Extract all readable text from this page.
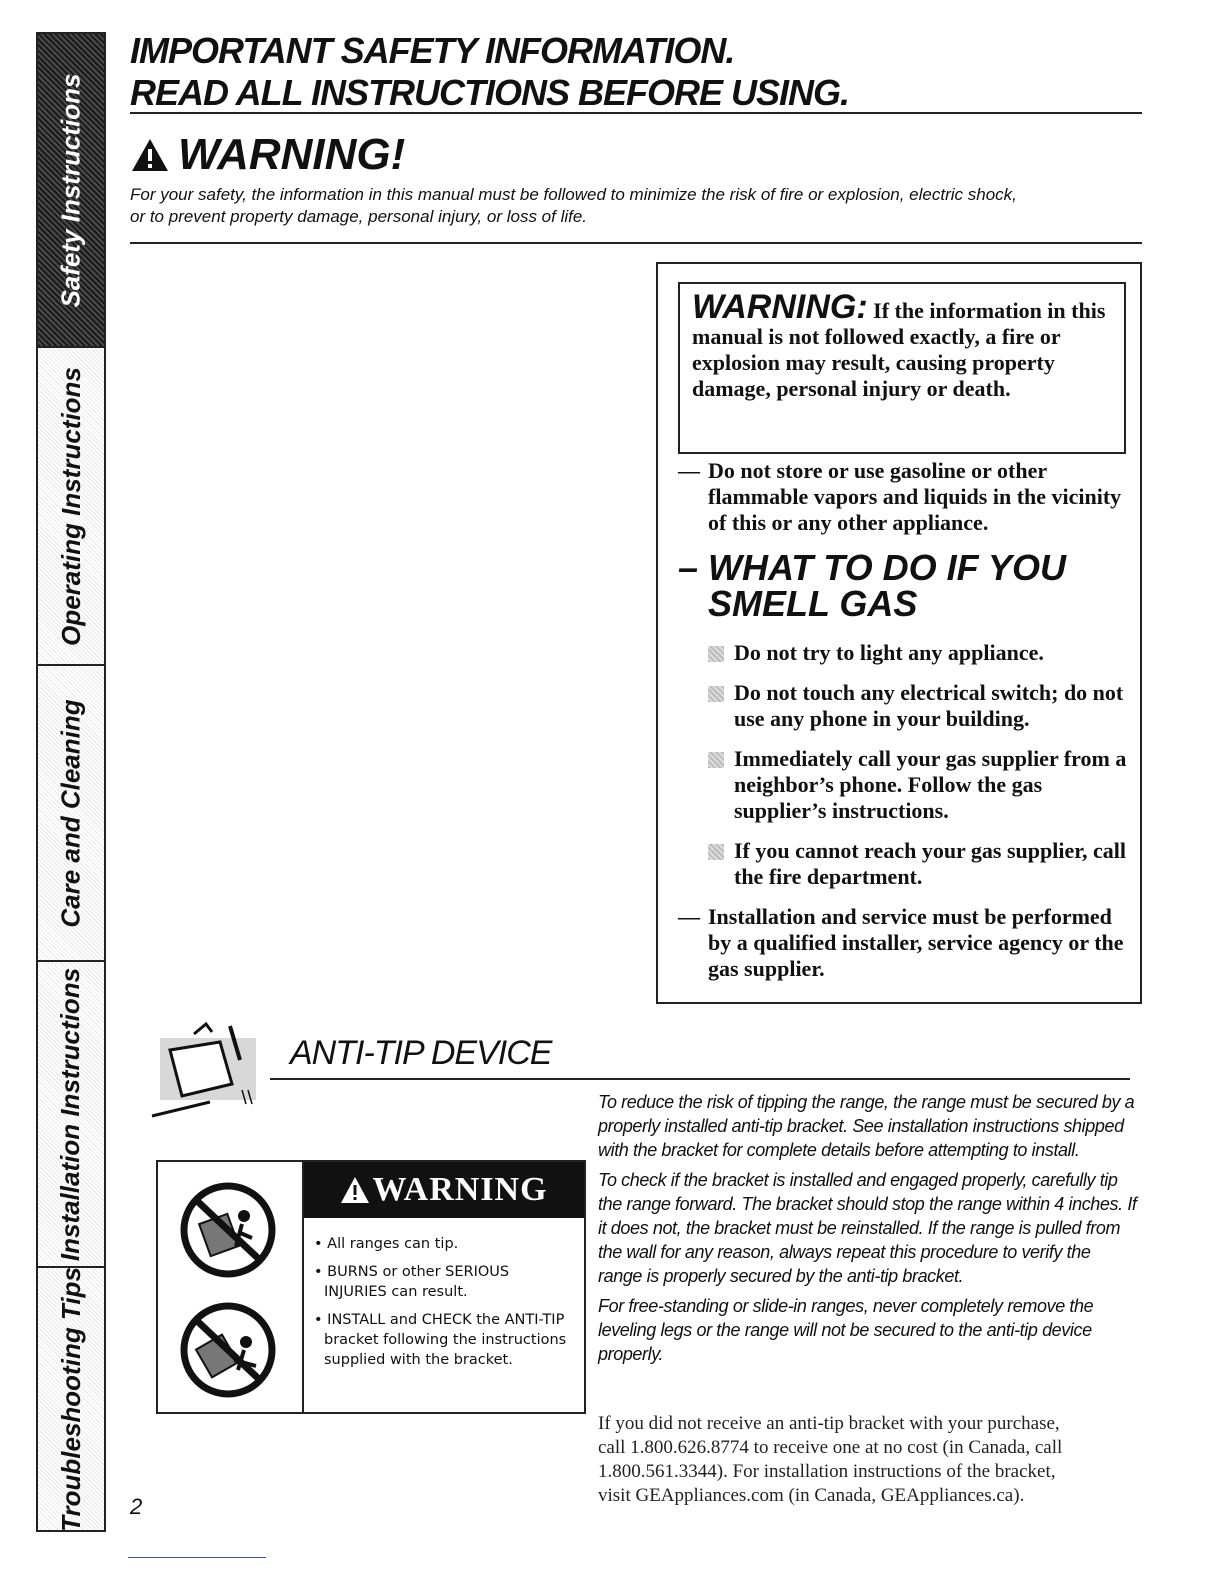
Safety Instructions
Operating Instructions
Care and Cleaning
Installation Instructions
Troubleshooting Tips
IMPORTANT SAFETY INFORMATION.
READ ALL INSTRUCTIONS BEFORE USING.
WARNING!
For your safety, the information in this manual must be followed to minimize the risk of fire or explosion, electric shock, or to prevent property damage, personal injury, or loss of life.
WARNING: If the information in this manual is not followed exactly, a fire or explosion may result, causing property damage, personal injury or death.
— Do not store or use gasoline or other flammable vapors and liquids in the vicinity of this or any other appliance.
– WHAT TO DO IF YOU SMELL GAS
Do not try to light any appliance.
Do not touch any electrical switch; do not use any phone in your building.
Immediately call your gas supplier from a neighbor’s phone. Follow the gas supplier’s instructions.
If you cannot reach your gas supplier, call the fire department.
— Installation and service must be performed by a qualified installer, service agency or the gas supplier.
ANTI-TIP DEVICE
WARNING
• All ranges can tip.
• BURNS or other SERIOUS INJURIES can result.
• INSTALL and CHECK the ANTI-TIP bracket following the instructions supplied with the bracket.

To reduce the risk of tipping the range, the range must be secured by a properly installed anti-tip bracket. See installation instructions shipped with the bracket for complete details before attempting to install.

To check if the bracket is installed and engaged properly, carefully tip the range forward. The bracket should stop the range within 4 inches. If it does not, the bracket must be reinstalled. If the range is pulled from the wall for any reason, always repeat this procedure to verify the range is properly secured by the anti-tip bracket.

For free-standing or slide-in ranges, never completely remove the leveling legs or the range will not be secured to the anti-tip device properly.

If you did not receive an anti-tip bracket with your purchase, call 1.800.626.8774 to receive one at no cost (in Canada, call 1.800.561.3344). For installation instructions of the bracket, visit GEAppliances.com (in Canada, GEAppliances.ca).
2
